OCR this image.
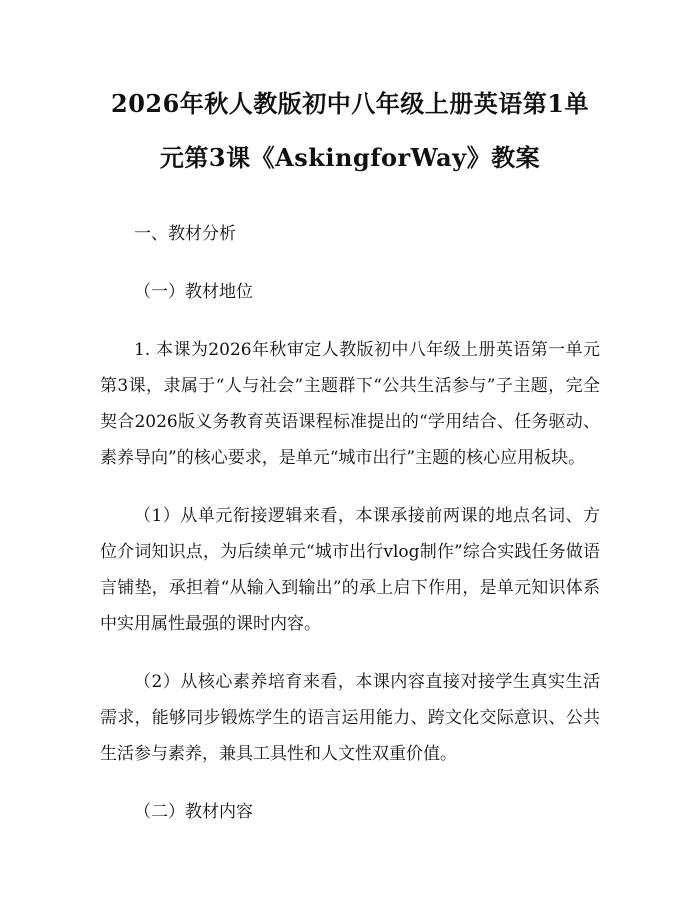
2026年秋人教版初中八年级上册英语第1单
元第3课《AskingforWay》教案
一、教材分析
（一）教材地位

1. 本课为2026年秋审定人教版初中八年级上册英语第一单元第3课，隶属于“人与社会”主题群下“公共生活参与”子主题，完全契合2026版义务教育英语课程标准提出的“学用结合、任务驱动、素养导向”的核心要求，是单元“城市出行”主题的核心应用板块。

（1）从单元衔接逻辑来看，本课承接前两课的地点名词、方位介词知识点，为后续单元“城市出行vlog制作”综合实践任务做语言铺垫，承担着“从输入到输出”的承上启下作用，是单元知识体系中实用属性最强的课时内容。

（2）从核心素养培育来看，本课内容直接对接学生真实生活需求，能够同步锻炼学生的语言运用能力、跨文化交际意识、公共生活参与素养，兼具工具性和人文性双重价值。

（二）教材内容
